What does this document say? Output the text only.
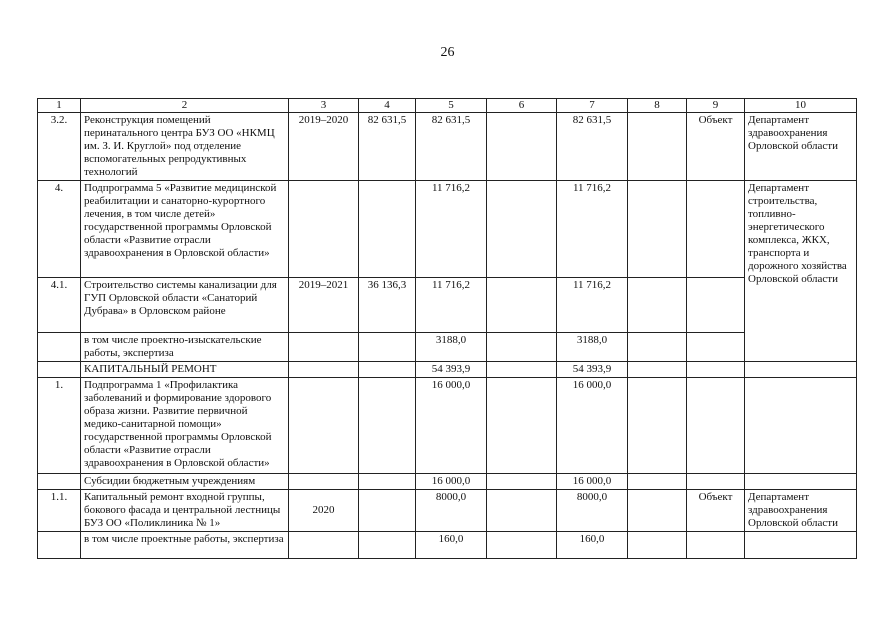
26
1	2	3	4	5	6	7	8	9	10
3.2.	Реконструкция помещений перинатального центра БУЗ ОО «НКМЦ им. З. И. Круглой» под отделение вспомогательных репродуктивных технологий	2019–2020	82 631,5	82 631,5		82 631,5		Объект	Департамент здравоохранения Орловской области
4.	Подпрограмма 5 «Развитие медицинской реабилитации и санаторно-курортного лечения, в том числе детей» государственной программы Орловской области «Развитие отрасли здравоохранения в Орловской области»			11 716,2		11 716,2			Департамент строительства, топливно-энергетического комплекса, ЖКХ, транспорта и дорожного хозяйства Орловской области
4.1.	Строительство системы канализации для ГУП Орловской области «Санаторий Дубрава» в Орловском районе	2019–2021	36 136,3	11 716,2		11 716,2			
	в том числе проектно-изыскательские работы, экспертиза			3188,0		3188,0			
	КАПИТАЛЬНЫЙ РЕМОНТ			54 393,9		54 393,9			
1.	Подпрограмма 1 «Профилактика заболеваний и формирование здорового образа жизни. Развитие первичной медико-санитарной помощи» государственной программы Орловской области «Развитие отрасли здравоохранения в Орловской области»			16 000,0		16 000,0			
	Субсидии бюджетным учреждениям			16 000,0		16 000,0			
1.1.	Капитальный ремонт входной группы, бокового фасада и центральной лестницы БУЗ ОО «Поликлиника № 1»	2020		8000,0		8000,0		Объект	Департамент здравоохранения Орловской области
	в том числе проектные работы, экспертиза			160,0		160,0			
